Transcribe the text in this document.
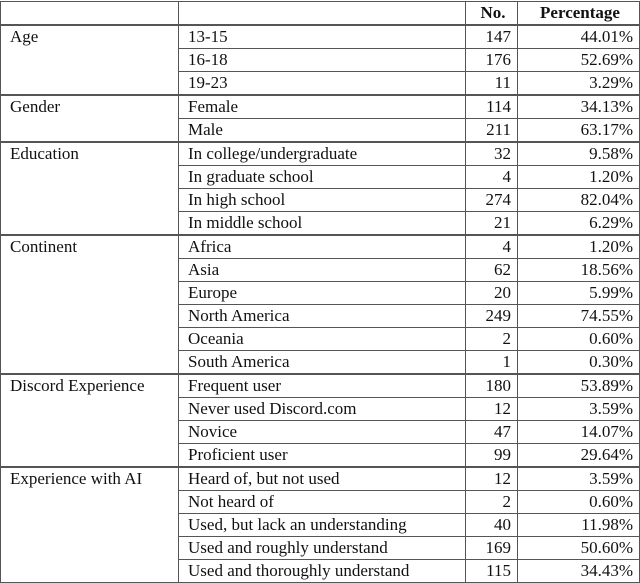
		No.	Percentage
Age	13-15	147	44.01%
	16-18	176	52.69%
	19-23	11	3.29%
Gender	Female	114	34.13%
	Male	211	63.17%
Education	In college/undergraduate	32	9.58%
	In graduate school	4	1.20%
	In high school	274	82.04%
	In middle school	21	6.29%
Continent	Africa	4	1.20%
	Asia	62	18.56%
	Europe	20	5.99%
	North America	249	74.55%
	Oceania	2	0.60%
	South America	1	0.30%
Discord Experience	Frequent user	180	53.89%
	Never used Discord.com	12	3.59%
	Novice	47	14.07%
	Proficient user	99	29.64%
Experience with AI	Heard of, but not used	12	3.59%
	Not heard of	2	0.60%
	Used, but lack an understanding	40	11.98%
	Used and roughly understand	169	50.60%
	Used and thoroughly understand	115	34.43%
